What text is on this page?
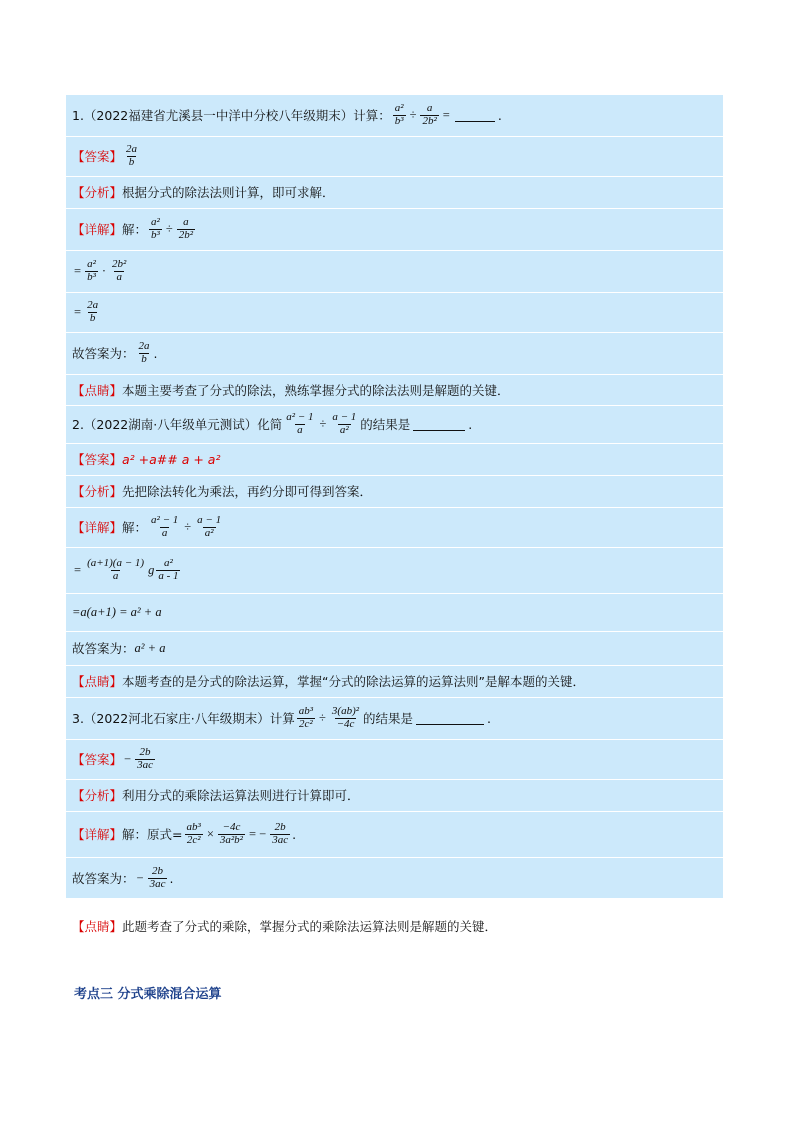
1.（2022福建省尤溪县一中洋中分校八年级期末）计算： $\frac{\text{a²}}{\text{b³}} \div \frac{a}{\text{2b²}}$ =	.
【答案】 $\frac{2a}{b}$
【分析】 根据分式的除法法则计算，即可求解．
【详解】 解： $\frac{\text{a²}}{\text{b³}} \div \frac{a}{\text{2b²}}$
= $\frac{\text{a²}}{\text{b³}} \cdot \frac{\text{2b²}}{a}$
= $\frac{2a}{b}$
故答案为： $\frac{2a}{b}$ .
【点睛】 本题主要考查了分式的除法，熟练掌握分式的除法法则是解题的关键．
2.（2022湖南·八年级单元测试）化简 $\frac{\text{a² − 1}}{a} \div \frac{a - 1}{\text{a²}}$ 的结果是	.
【答案】 a² +a## a + a²
【分析】 先把除法转化为乘法，再约分即可得到答案．
【详解】 解： $\frac{\text{a² − 1}}{a} \div \frac{a - 1}{\text{a²}}$
= $\frac{(a+1)(a - 1)}{a}$ g $\frac{\text{a²}}{a - 1}$
=a(a+1) = a² + a
故答案为： a² + a
【点睛】 本题考查的是分式的除法运算，掌握“分式的除法运算的运算法则”是解本题的关键．
3.（2022河北石家庄·八年级期末）计算 $\frac{\text{ab³}}{\text{2c²}} \div \frac{\text{3(ab)²}}{-4c}$ 的结果是	.
【答案】 − $\frac{2b}{3ac}$
【分析】 利用分式的乘除法运算法则进行计算即可．
【详解】 解：原式= $\frac{\text{ab³}}{\text{2c²}} \times \frac{-4c}{\text{3a²b²}}$ = − $\frac{2b}{3ac}$ .
故答案为： − $\frac{2b}{3ac}$ .
【点睛】 此题考查了分式的乘除，掌握分式的乘除法运算法则是解题的关键．
考点三 分式乘除混合运算
